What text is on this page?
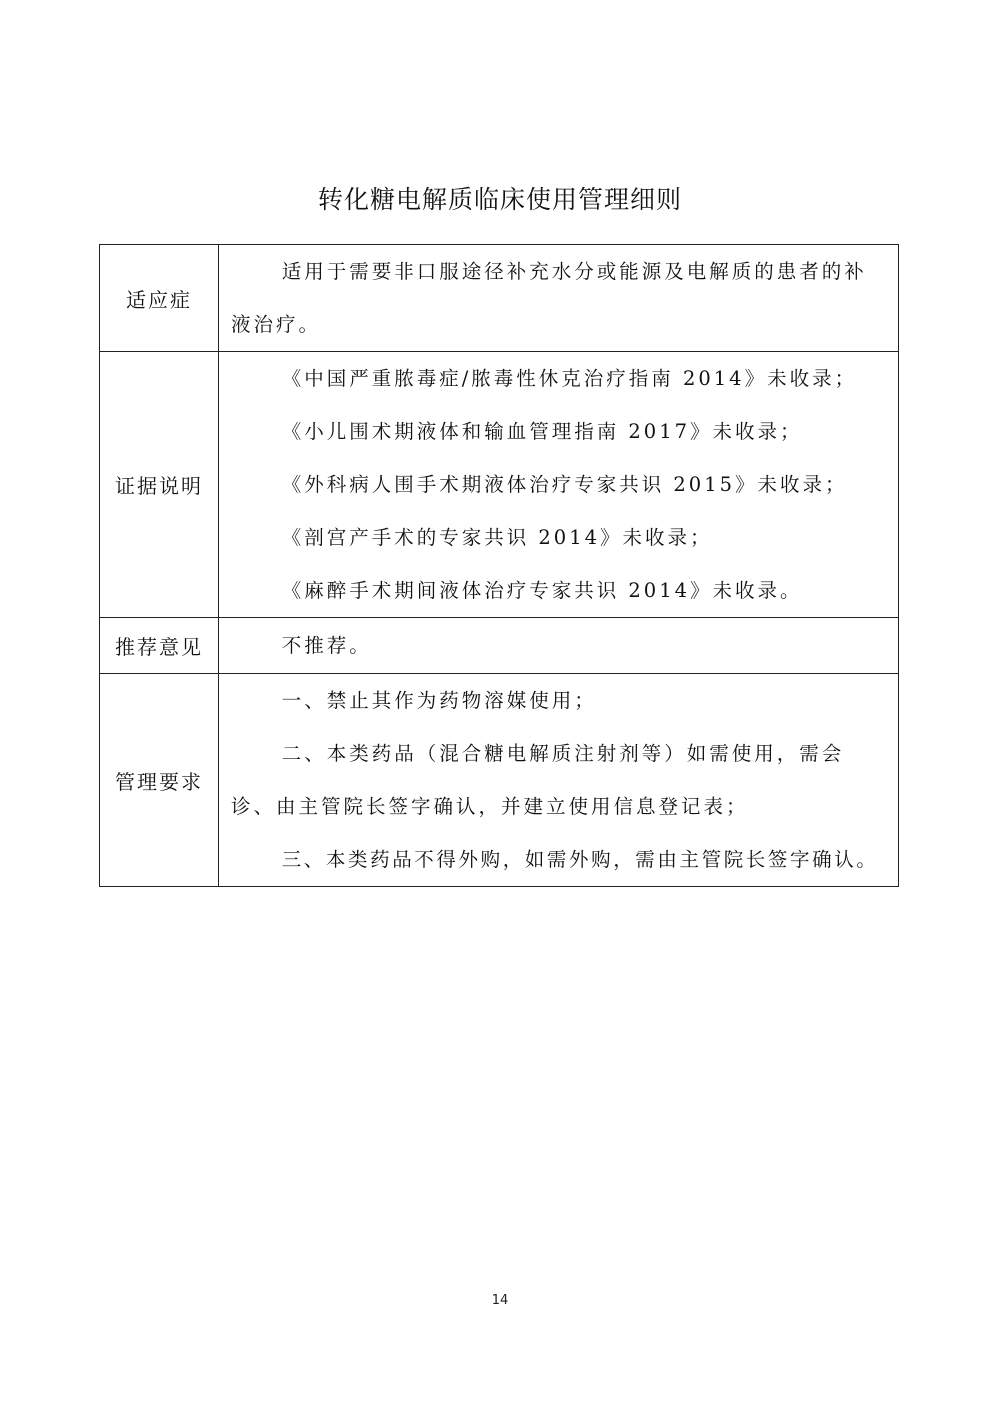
转化糖电解质临床使用管理细则
适应症	适用于需要非口服途径补充水分或能源及电解质的患者的补液治疗。

证据说明	《中国严重脓毒症/脓毒性休克治疗指南 2014》未收录；

《小儿围术期液体和输血管理指南 2017》未收录；

《外科病人围手术期液体治疗专家共识 2015》未收录；

《剖宫产手术的专家共识 2014》未收录；

《麻醉手术期间液体治疗专家共识 2014》未收录。

推荐意见	不推荐。

管理要求	一、禁止其作为药物溶媒使用；

二、本类药品（混合糖电解质注射剂等）如需使用，需会诊、由主管院长签字确认，并建立使用信息登记表；

三、本类药品不得外购，如需外购，需由主管院长签字确认。

14
